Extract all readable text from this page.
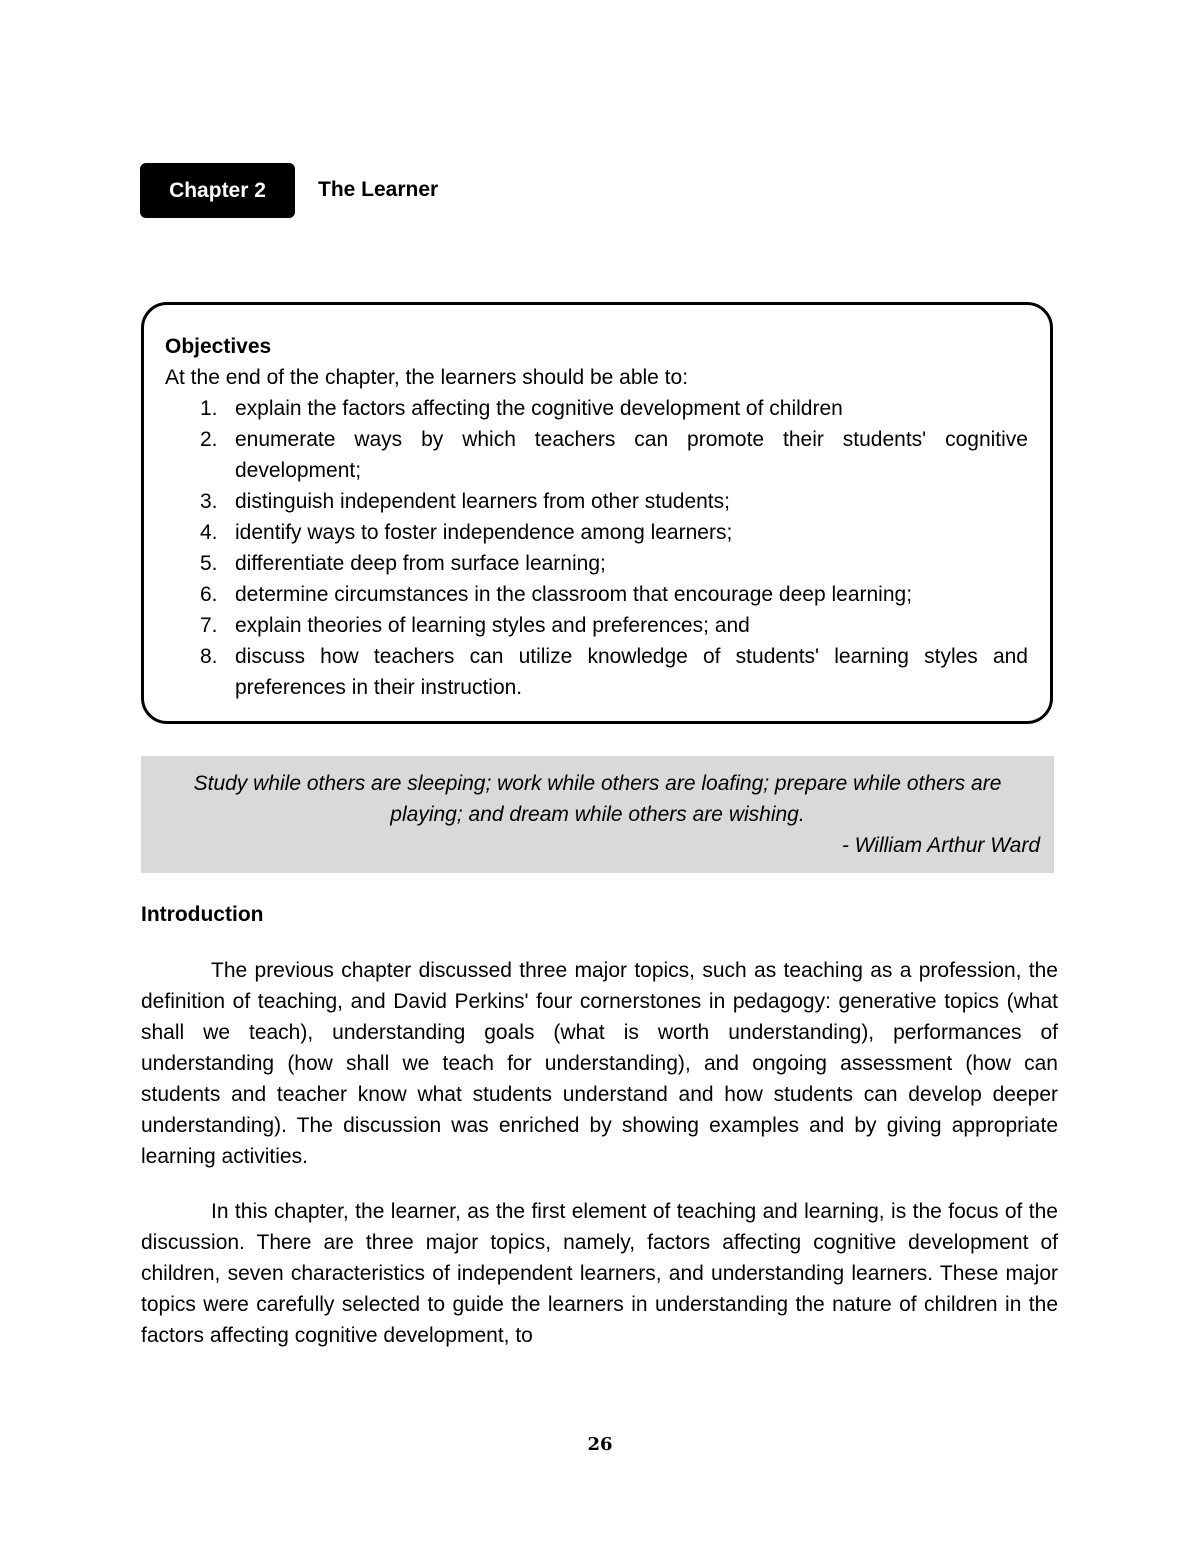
Chapter 2	The Learner
Objectives
At the end of the chapter, the learners should be able to:
1. explain the factors affecting the cognitive development of children
2. enumerate ways by which teachers can promote their students' cognitive development;
3. distinguish independent learners from other students;
4. identify ways to foster independence among learners;
5. differentiate deep from surface learning;
6. determine circumstances in the classroom that encourage deep learning;
7. explain theories of learning styles and preferences; and
8. discuss how teachers can utilize knowledge of students' learning styles and preferences in their instruction.
Study while others are sleeping; work while others are loafing; prepare while others are playing; and dream while others are wishing.
- William Arthur Ward
Introduction

The previous chapter discussed three major topics, such as teaching as a profession, the definition of teaching, and David Perkins' four cornerstones in pedagogy: generative topics (what shall we teach), understanding goals (what is worth understanding), performances of understanding (how shall we teach for understanding), and ongoing assessment (how can students and teacher know what students understand and how students can develop deeper understanding). The discussion was enriched by showing examples and by giving appropriate learning activities.

In this chapter, the learner, as the first element of teaching and learning, is the focus of the discussion. There are three major topics, namely, factors affecting cognitive development of children, seven characteristics of independent learners, and understanding learners. These major topics were carefully selected to guide the learners in understanding the nature of children in the factors affecting cognitive development, to

26
